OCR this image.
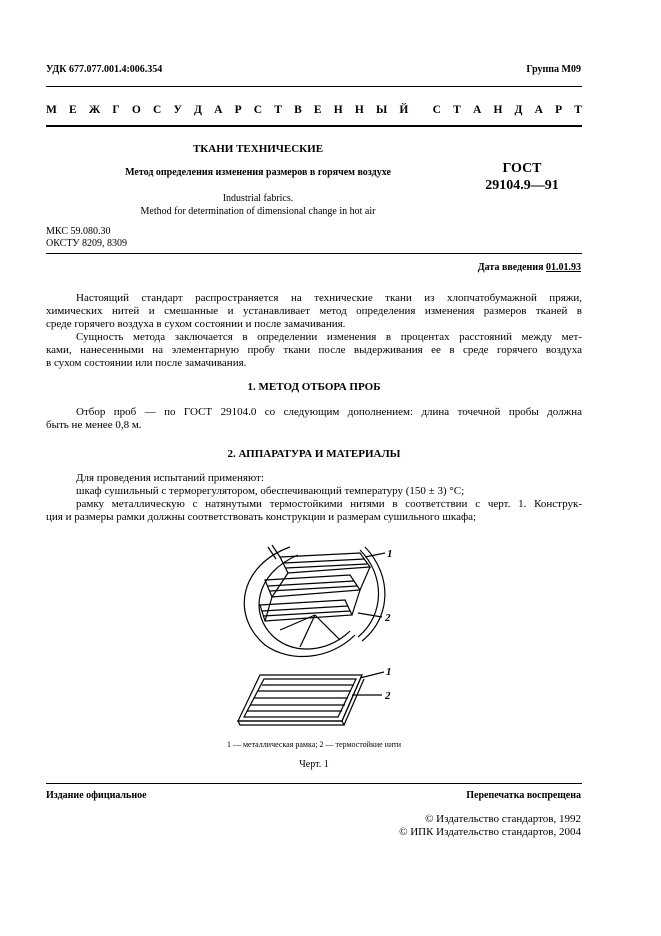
УДК 677.077.001.4:006.354	Группа М09
М Е Ж Г О С У Д А Р С Т В Е Н Н Ы Й С Т А Н Д А Р Т
ТКАНИ ТЕХНИЧЕСКИЕ
Метод определения изменения размеров в горячем воздухе
Industrial fabrics.
Method for determination of dimensional change in hot air
ГОСТ
29104.9—91
МКС 59.080.30
ОКСТУ 8209, 8309
Дата введения 01.01.93
Настоящий стандарт распространяется на технические ткани из хлопчатобумажной пряжи,
химических нитей и смешанные и устанавливает метод определения изменения размеров тканей в
среде горячего воздуха в сухом состоянии и после замачивания.
Сущность метода заключается в определении изменения в процентах расстояний между мет-
ками, нанесенными на элементарную пробу ткани после выдерживания ее в среде горячего воздуха
в сухом состоянии или после замачивания.
1. МЕТОД ОТБОРА ПРОБ
Отбор проб — по ГОСТ 29104.0 со следующим дополнением: длина точечной пробы должна
быть не менее 0,8 м.
2. АППАРАТУРА И МАТЕРИАЛЫ
Для проведения испытаний применяют:
шкаф сушильный с терморегулятором, обеспечивающий температуру (150 ± 3) °С;
рамку металлическую с натянутыми термостойкими нитями в соответствии с черт. 1. Конструк-
ция и размеры рамки должны соответствовать конструкции и размерам сушильного шкафа;
1
2
1
2
1 — металлическая рамка; 2 — термостойкие нити
Черт. 1
Издание официальное	Перепечатка воспрещена
© Издательство стандартов, 1992
© ИПК Издательство стандартов, 2004
